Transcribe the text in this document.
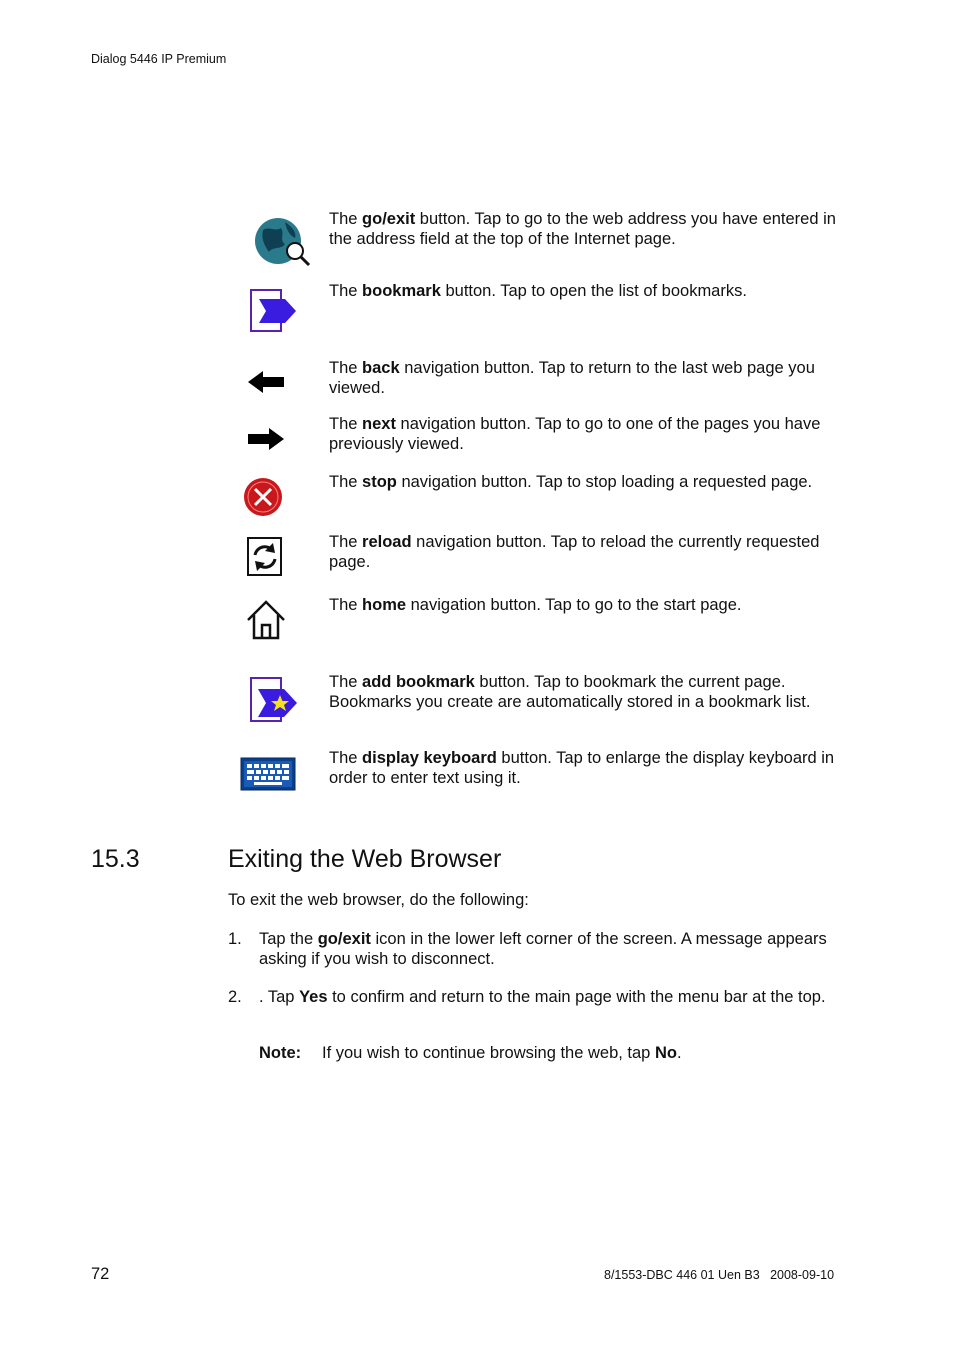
Dialog 5446 IP Premium
The go/exit button. Tap to go to the web address you have entered in the address field at the top of the Internet page.
The bookmark button. Tap to open the list of bookmarks.
The back navigation button. Tap to return to the last web page you viewed.
The next navigation button. Tap to go to one of the pages you have previously viewed.
The stop navigation button. Tap to stop loading a requested page.
The reload navigation button. Tap to reload the currently requested page.
The home navigation button. Tap to go to the start page.
The add bookmark button. Tap to bookmark the current page. Bookmarks you create are automatically stored in a bookmark list.
The display keyboard button. Tap to enlarge the display keyboard in order to enter text using it.
15.3	Exiting the Web Browser
To exit the web browser, do the following:
1. Tap the go/exit icon in the lower left corner of the screen. A message appears asking if you wish to disconnect.
2. . Tap Yes to confirm and return to the main page with the menu bar at the top.
Note: If you wish to continue browsing the web, tap No.
72	8/1553-DBC 446 01 Uen B3   2008-09-10
